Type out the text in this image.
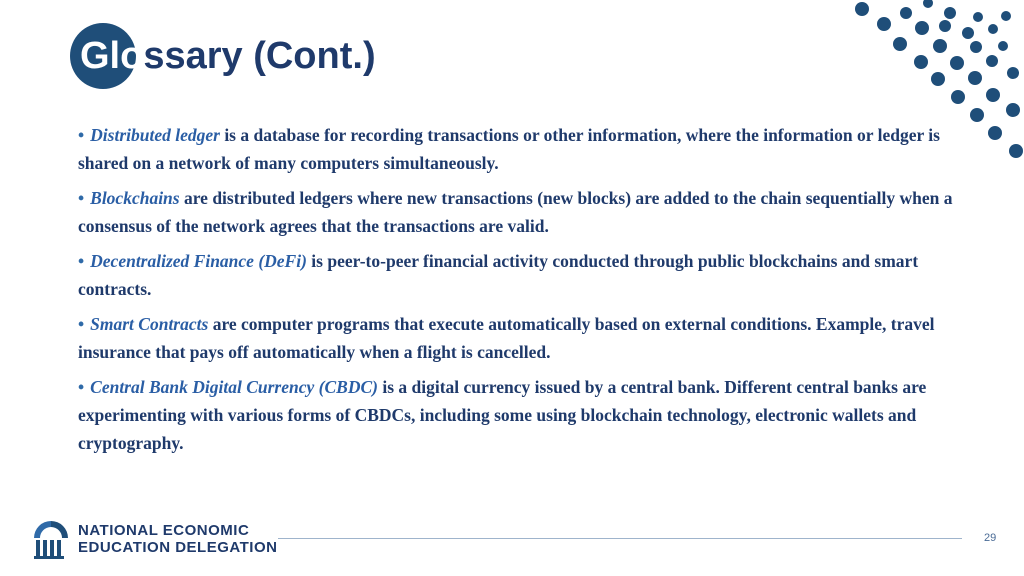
Glossary (Cont.)

• Distributed ledger is a database for recording transactions or other information, where the information or ledger is shared on a network of many computers simultaneously.

• Blockchains are distributed ledgers where new transactions (new blocks) are added to the chain sequentially when a consensus of the network agrees that the transactions are valid.

• Decentralized Finance (DeFi) is peer-to-peer financial activity conducted through public blockchains and smart contracts.

• Smart Contracts are computer programs that execute automatically based on external conditions. Example, travel insurance that pays off automatically when a flight is cancelled.

• Central Bank Digital Currency (CBDC) is a digital currency issued by a central bank. Different central banks are experimenting with various forms of CBDCs, including some using blockchain technology, electronic wallets and cryptography.

NATIONAL ECONOMIC
EDUCATION DELEGATION
29
